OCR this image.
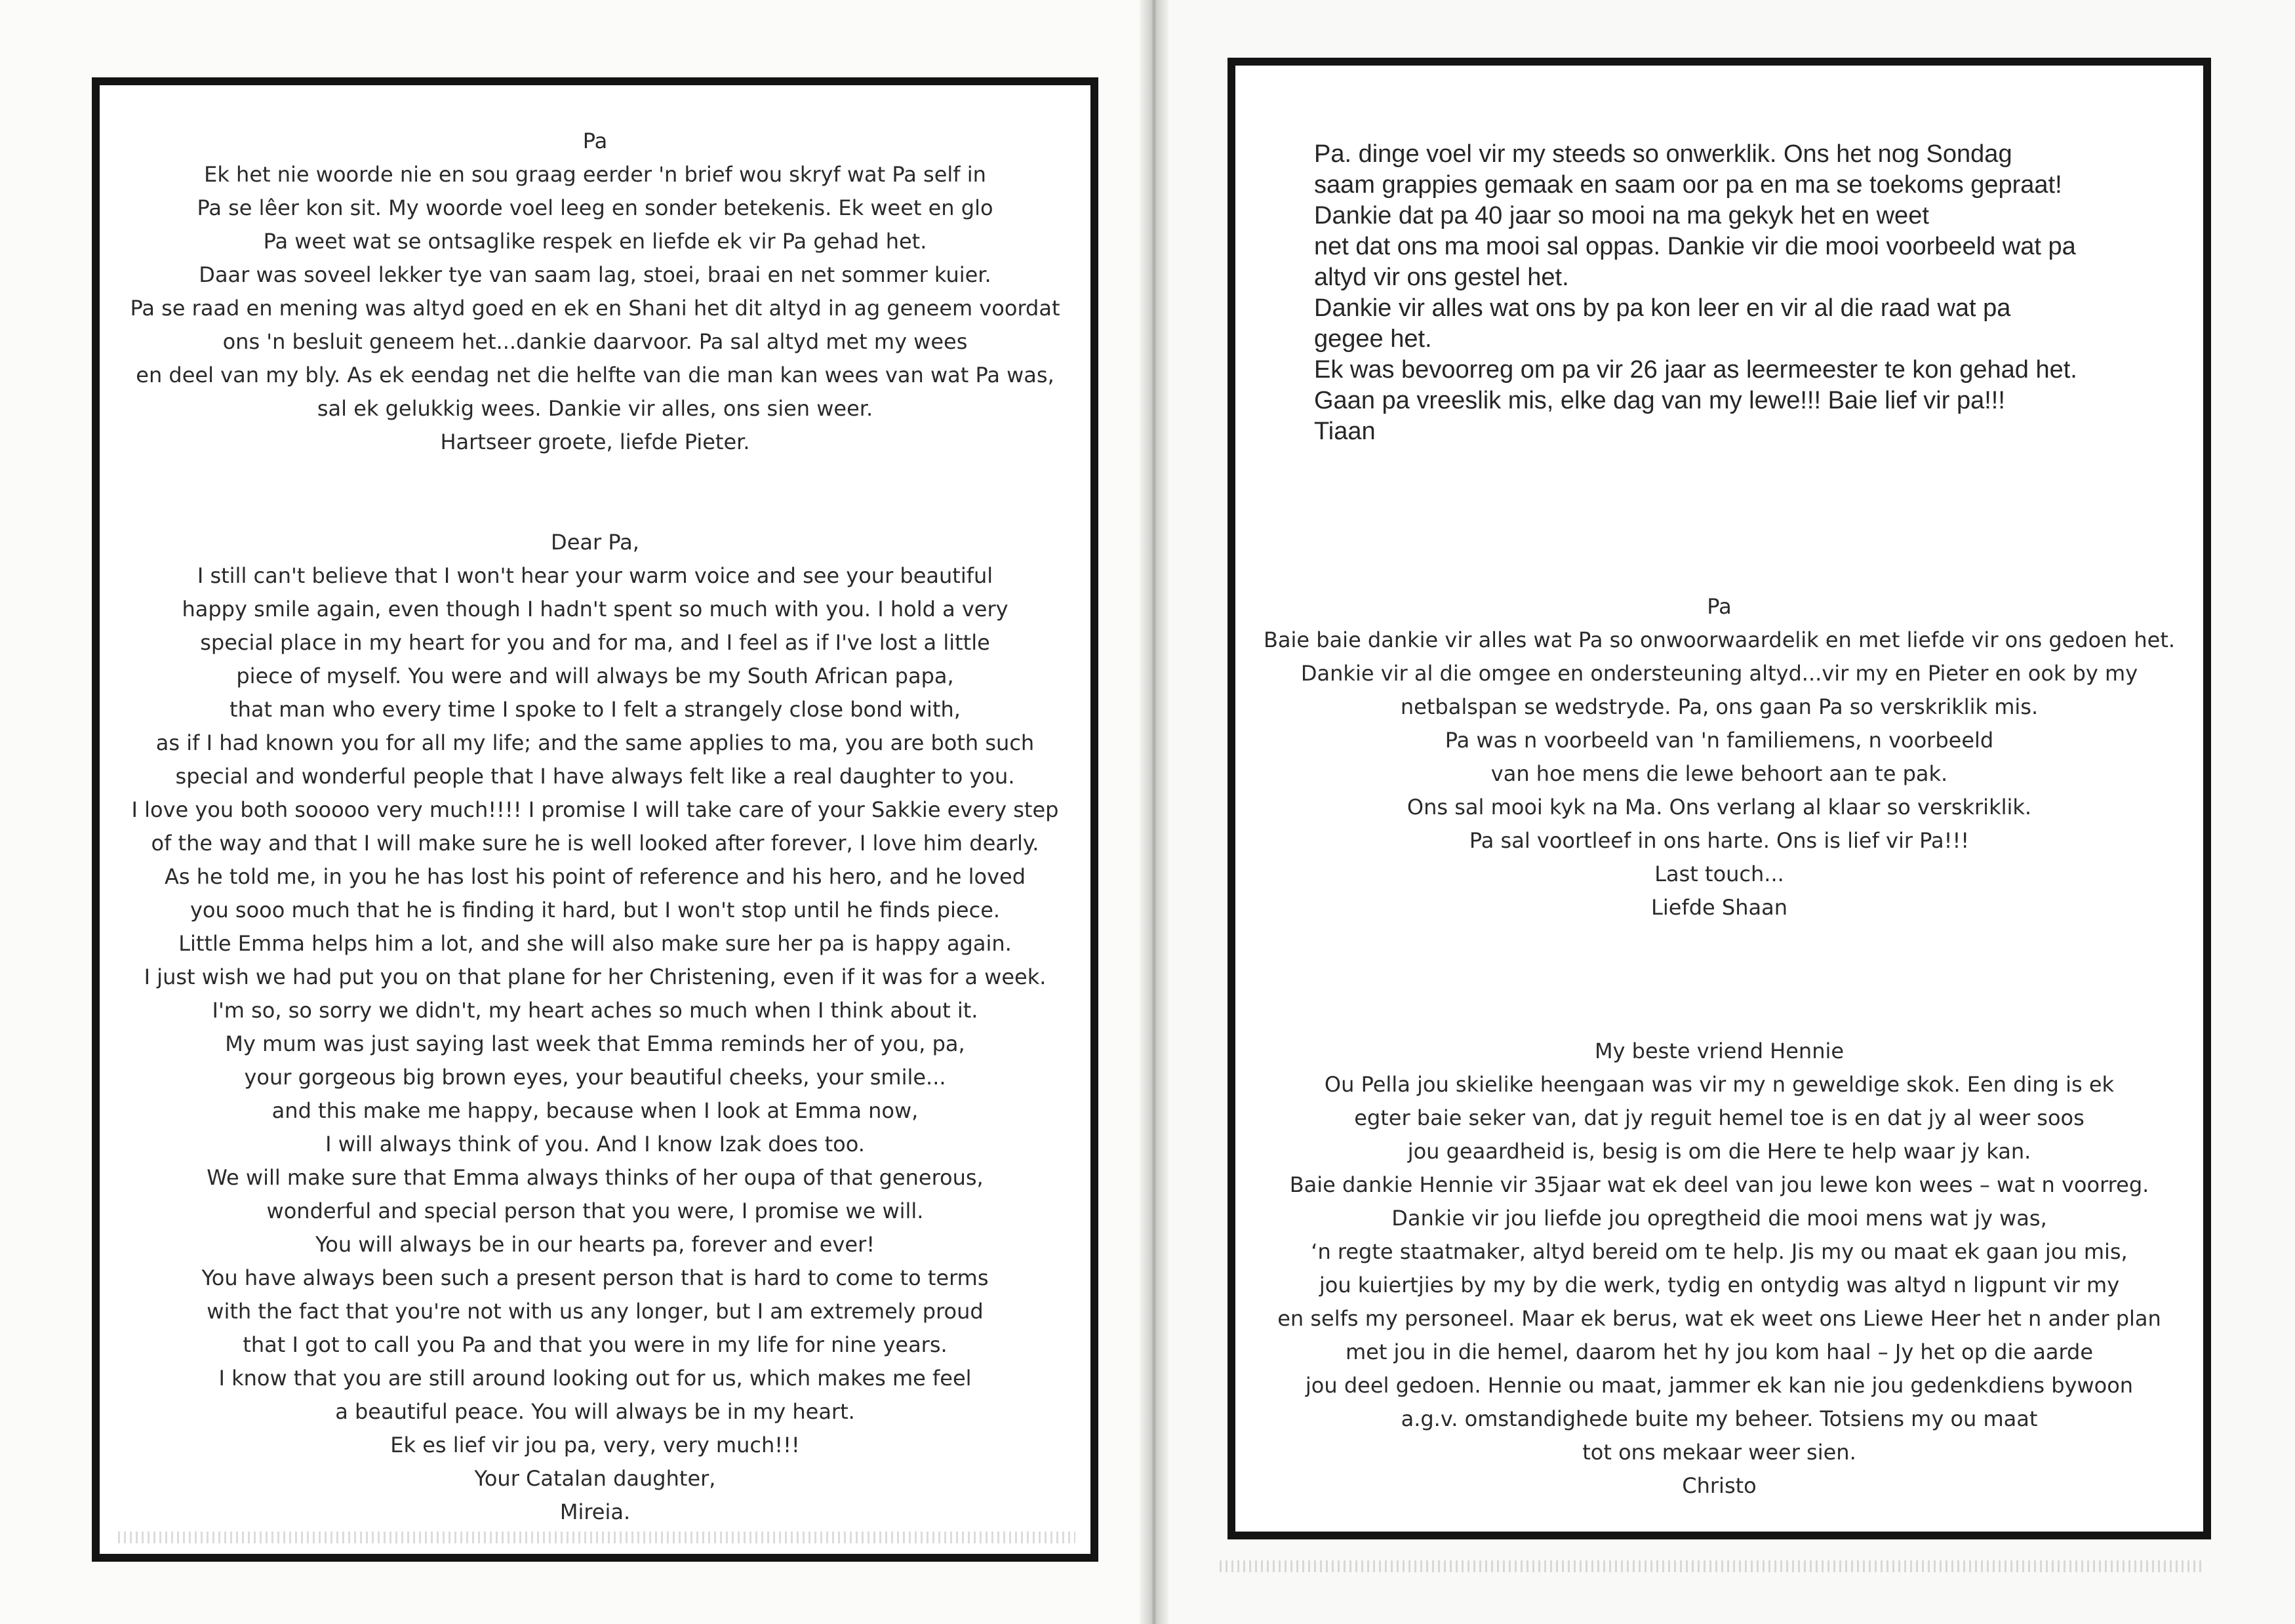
Pa
Ek het nie woorde nie en sou graag eerder 'n brief wou skryf wat Pa self in
Pa se lêer kon sit. My woorde voel leeg en sonder betekenis. Ek weet en glo
Pa weet wat se ontsaglike respek en liefde ek vir Pa gehad het.
Daar was soveel lekker tye van saam lag, stoei, braai en net sommer kuier.
Pa se raad en mening was altyd goed en ek en Shani het dit altyd in ag geneem voordat
ons 'n besluit geneem het...dankie daarvoor. Pa sal altyd met my wees
en deel van my bly. As ek eendag net die helfte van die man kan wees van wat Pa was,
sal ek gelukkig wees. Dankie vir alles, ons sien weer.
Hartseer groete, liefde Pieter.
Dear Pa,
I still can't believe that I won't hear your warm voice and see your beautiful
happy smile again, even though I hadn't spent so much with you. I hold a very
special place in my heart for you and for ma, and I feel as if I've lost a little
piece of myself. You were and will always be my South African papa,
that man who every time I spoke to I felt a strangely close bond with,
as if I had known you for all my life; and the same applies to ma, you are both such
special and wonderful people that I have always felt like a real daughter to you.
I love you both sooooo very much!!!! I promise I will take care of your Sakkie every step
of the way and that I will make sure he is well looked after forever, I love him dearly.
As he told me, in you he has lost his point of reference and his hero, and he loved
you sooo much that he is finding it hard, but I won't stop until he finds piece.
Little Emma helps him a lot, and she will also make sure her pa is happy again.
I just wish we had put you on that plane for her Christening, even if it was for a week.
I'm so, so sorry we didn't, my heart aches so much when I think about it.
My mum was just saying last week that Emma reminds her of you, pa,
your gorgeous big brown eyes, your beautiful cheeks, your smile...
and this make me happy, because when I look at Emma now,
I will always think of you. And I know Izak does too.
We will make sure that Emma always thinks of her oupa of that generous,
wonderful and special person that you were, I promise we will.
You will always be in our hearts pa, forever and ever!
You have always been such a present person that is hard to come to terms
with the fact that you're not with us any longer, but I am extremely proud
that I got to call you Pa and that you were in my life for nine years.
I know that you are still around looking out for us, which makes me feel
a beautiful peace. You will always be in my heart.
Ek es lief vir jou pa, very, very much!!!
Your Catalan daughter,
Mireia.
Pa. dinge voel vir my steeds so onwerklik. Ons het nog Sondag
saam grappies gemaak en saam oor pa en ma se toekoms gepraat!
Dankie dat pa 40 jaar so mooi na ma gekyk het en weet
net dat ons ma mooi sal oppas. Dankie vir die mooi voorbeeld wat pa
altyd vir ons gestel het.
Dankie vir alles wat ons by pa kon leer en vir al die raad wat pa
gegee het.
Ek was bevoorreg om pa vir 26 jaar as leermeester te kon gehad het.
Gaan pa vreeslik mis, elke dag van my lewe!!! Baie lief vir pa!!!
Tiaan
Pa
Baie baie dankie vir alles wat Pa so onwoorwaardelik en met liefde vir ons gedoen het.
Dankie vir al die omgee en ondersteuning altyd...vir my en Pieter en ook by my
netbalspan se wedstryde. Pa, ons gaan Pa so verskriklik mis.
Pa was n voorbeeld van 'n familiemens, n voorbeeld
van hoe mens die lewe behoort aan te pak.
Ons sal mooi kyk na Ma. Ons verlang al klaar so verskriklik.
Pa sal voortleef in ons harte. Ons is lief vir Pa!!!
Last touch...
Liefde Shaan
My beste vriend Hennie
Ou Pella jou skielike heengaan was vir my n geweldige skok. Een ding is ek
egter baie seker van, dat jy reguit hemel toe is en dat jy al weer soos
jou geaardheid is, besig is om die Here te help waar jy kan.
Baie dankie Hennie vir 35jaar wat ek deel van jou lewe kon wees – wat n voorreg.
Dankie vir jou liefde jou opregtheid die mooi mens wat jy was,
‘n regte staatmaker, altyd bereid om te help. Jis my ou maat ek gaan jou mis,
jou kuiertjies by my by die werk, tydig en ontydig was altyd n ligpunt vir my
en selfs my personeel. Maar ek berus, wat ek weet ons Liewe Heer het n ander plan
met jou in die hemel, daarom het hy jou kom haal – Jy het op die aarde
jou deel gedoen. Hennie ou maat, jammer ek kan nie jou gedenkdiens bywoon
a.g.v. omstandighede buite my beheer. Totsiens my ou maat
tot ons mekaar weer sien.
Christo
